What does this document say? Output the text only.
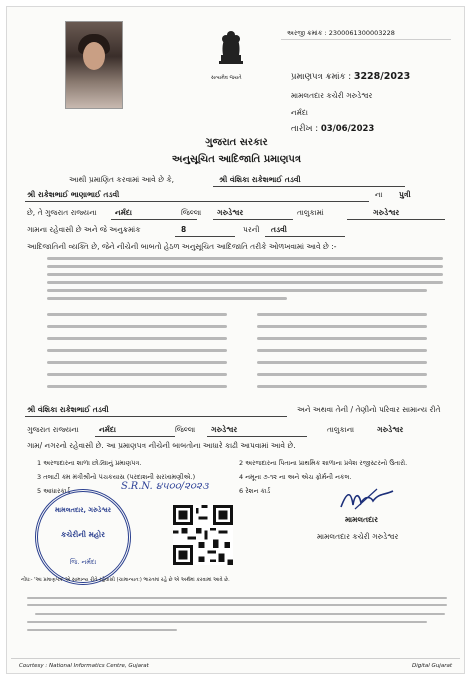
સત્યમેવ જયતે
અરજી ક્રમાંક : 2300061300003228
પ્રમાણપત્ર ક્રમાંક : 3228/2023
મામલતદાર કચેરી ગરુડેશ્વર
નર્મદા
તારીખ : 03/06/2023
ગુજરાત સરકાર
અનુસૂચિત આદિજાતિ પ્રમાણપત્ર
આથી પ્રમાણિત કરવામાં આવે છે કે,	શ્રી વંશિકા રાકેશભાઈ તડવી
શ્રી રાકેશભાઈ ભાણાભાઈ તડવી	ના પુત્રી
છે, તે ગુજરાત રાજ્યના નર્મદા	જિલ્લા ગરુડેશ્વર	તાલુકામાં	ગરુડેશ્વર
ગામના રહેવાસી છે અને જે અનુક્રમાંક	8	પરની તડવી
આદિજાતિની વ્યક્તિ છે, જેને નીચેની બાબતો હેઠળ અનુસૂચિત આદિજાતિ તરીકે ઓળખવામાં આવે છે :-
શ્રી વંશિકા રાકેશભાઈ તડવી	અને અથવા તેની / તેણીનો પરિવાર સામાન્ય રીતે
ગુજરાત રાજ્યના	નર્મદા	જિલ્લા ગરુડેશ્વર	તાલુકાના	ગરુડેશ્વર
ગામ/ નગરનો રહેવાસી છે. આ પ્રમાણપત્ર નીચેની બાબતોના આધારે કાઢી આપવામાં આવે છે.
1 અરજદારના શાળા છોડ્યાનું પ્રમાણપત્ર.	2 અરજદારના પિતાના પ્રાથમિક શાળાના પ્રવેશ રજીસ્ટરનો ઉતારો.
3 તલાટી ક્મ મંત્રીશ્રીનો પંચકયાસ (પરદાશની સરખામણીએ.)	4 નમૂના ૭-૧૨ ના અને એચ ફોર્મની નકલ.
5 આધારકાર્ડ	6 રેશન કાર્ડ
S.R.N. ૪૫૦૦/૨૦૨૩
મામલતદાર, ગરુડેશ્વર
કચેરીની મહોર
જિ. નર્મદા
મામલતદાર
મામલતદાર કચેરી ગરુડેશ્વર
નોંધ:- 'આ પ્રમાણપત્ર' એ સામાન્ય રીતે રહેવાસી (ચામાન્યતઃ) ભારતમાં રહે છે એ અર્થમાં કરવામાં આવે છે.
Courtesy : National Informatics Centre, Gujarat	Digital Gujarat
